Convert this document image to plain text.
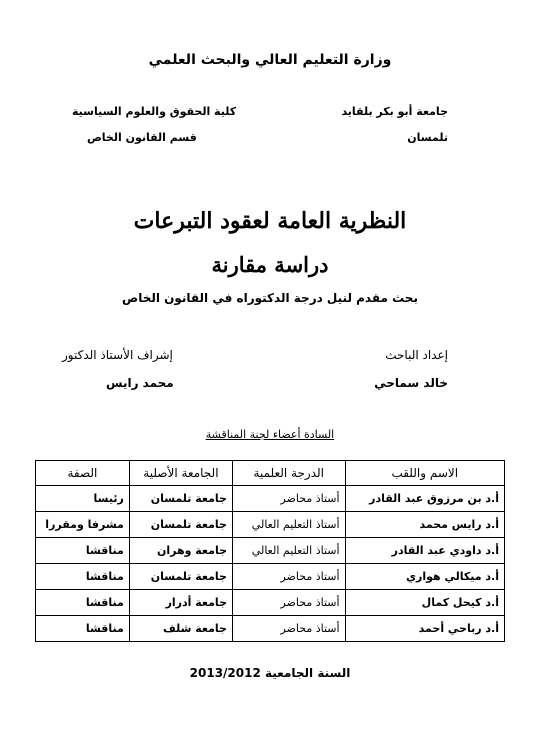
وزارة التعليم العالي والبحث العلمي
جامعة أبو بكر بلقايد
تلمسان
كلية الحقوق والعلوم السياسية
قسم القانون الخاص
النظرية العامة لعقود التبرعات
دراسة مقارنة
بحث مقدم لنيل درجة الدكتوراه في القانون الخاص
إعداد الباحث
خالد سماحي
إشراف الأستاذ الدكتور
محمد رايس
السادة أعضاء لجنة المناقشة
الاسم واللقب	الدرجة العلمية	الجامعة الأصلية	الصفة
أ.د بن مرزوق عبد القادر	أستاذ محاضر	جامعة تلمسان	رئيسا
أ.د رايس محمد	أستاذ التعليم العالي	جامعة تلمسان	مشرفا ومقررا
أ.د داودي عبد القادر	أستاذ التعليم العالي	جامعة وهران	مناقشا
أ.د ميكالي هواري	أستاذ محاضر	جامعة تلمسان	مناقشا
أ.د كيحل كمال	أستاذ محاضر	جامعة أدرار	مناقشا
أ.د رباحي أحمد	أستاذ محاضر	جامعة شلف	مناقشا
السنة الجامعية 2013/2012
